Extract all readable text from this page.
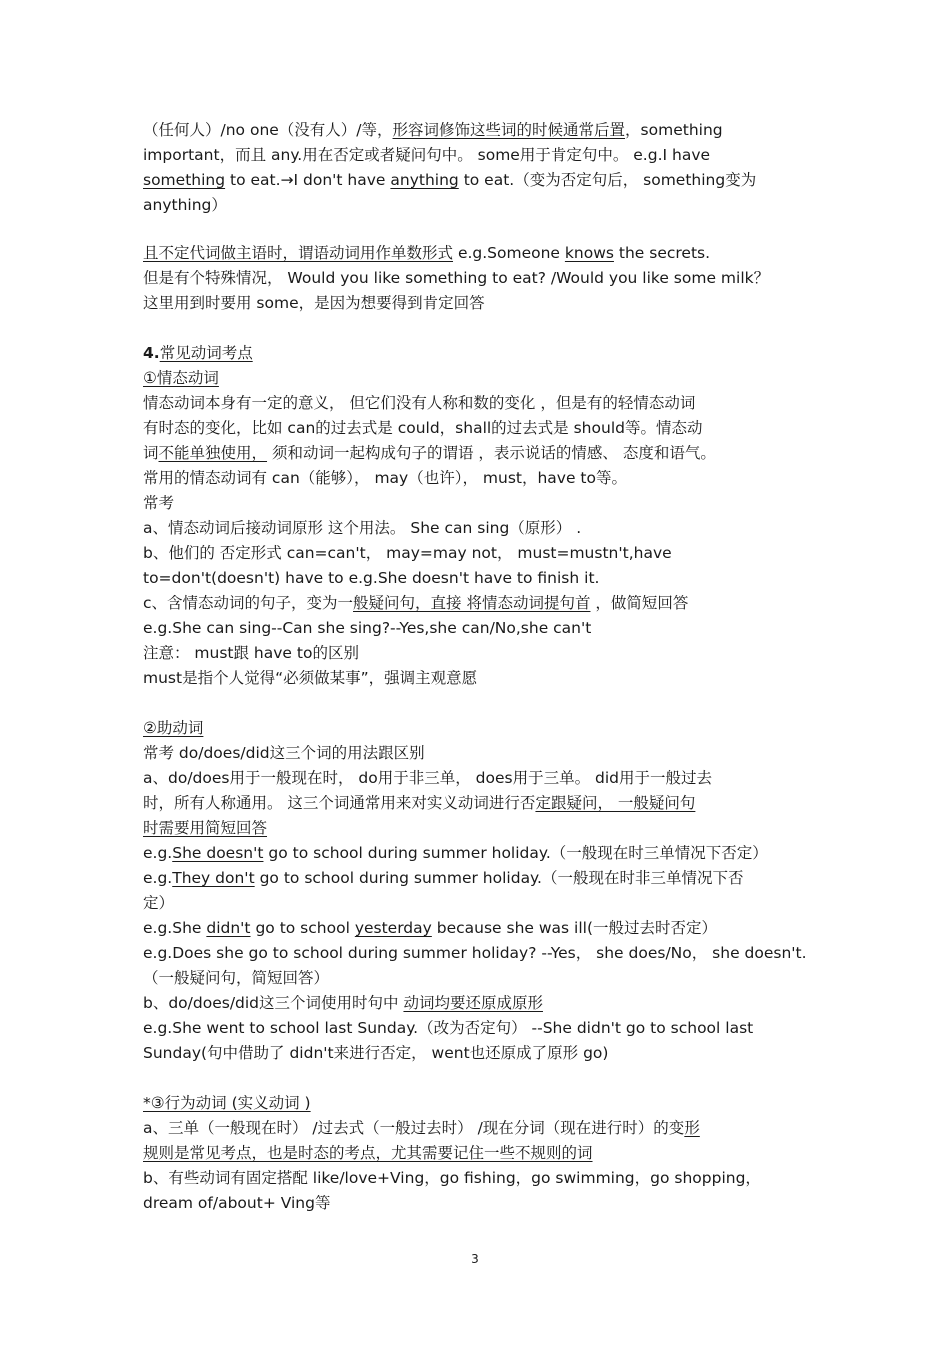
（任何人）/no one（没有人）/等，形容词修饰这些词的时候通常后置，something
important，而且 any.用在否定或者疑问句中。 some用于肯定句中。 e.g.I have
something to eat.→I don't have anything to eat.（变为否定句后， something变为
anything）
且不定代词做主语时，谓语动词用作单数形式 e.g.Someone knows the secrets.
但是有个特殊情况， Would you like something to eat? /Would you like some milk？
这里用到时要用 some，是因为想要得到肯定回答
4.常见动词考点
①情态动词
情态动词本身有一定的意义， 但它们没有人称和数的变化 ，但是有的轻情态动词
有时态的变化，比如 can的过去式是 could，shall的过去式是 should等。情态动
词不能单独使用， 须和动词一起构成句子的谓语 ，表示说话的情感、 态度和语气。
常用的情态动词有 can（能够）， may（也许）， must，have to等。
常考
a、情态动词后接动词原形 这个用法。 She can sing（原形） .
b、他们的 否定形式 can=can't， may=may not， must=mustn't,have
to=don't(doesn't) have to e.g.She doesn't have to finish it.
c、含情态动词的句子，变为一般疑问句，直接 将情态动词提句首 ，做简短回答
e.g.She can sing--Can she sing?--Yes,she can/No,she can't
注意： must跟 have to的区别
must是指个人觉得“必须做某事”，强调主观意愿
②助动词
常考 do/does/did这三个词的用法跟区别
a、do/does用于一般现在时， do用于非三单， does用于三单。 did用于一般过去
时，所有人称通用。 这三个词通常用来对实义动词进行否定跟疑问， 一般疑问句
时需要用简短回答
e.g.She doesn't go to school during summer holiday.（一般现在时三单情况下否定）
e.g.They don't go to school during summer holiday.（一般现在时非三单情况下否
定）
e.g.She didn't go to school yesterday because she was ill(一般过去时否定）
e.g.Does she go to school during summer holiday? --Yes， she does/No， she doesn't.
（一般疑问句，简短回答）
b、do/does/did这三个词使用时句中 动词均要还原成原形
e.g.She went to school last Sunday.（改为否定句） --She didn't go to school last
Sunday(句中借助了 didn't来进行否定， went也还原成了原形 go)
*③行为动词 (实义动词 )
a、三单（一般现在时） /过去式（一般过去时） /现在分词（现在进行时）的变形
规则是常见考点，也是时态的考点，尤其需要记住一些不规则的词
b、有些动词有固定搭配 like/love+Ving，go fishing，go swimming，go shopping，
dream of/about+ Ving等
3
